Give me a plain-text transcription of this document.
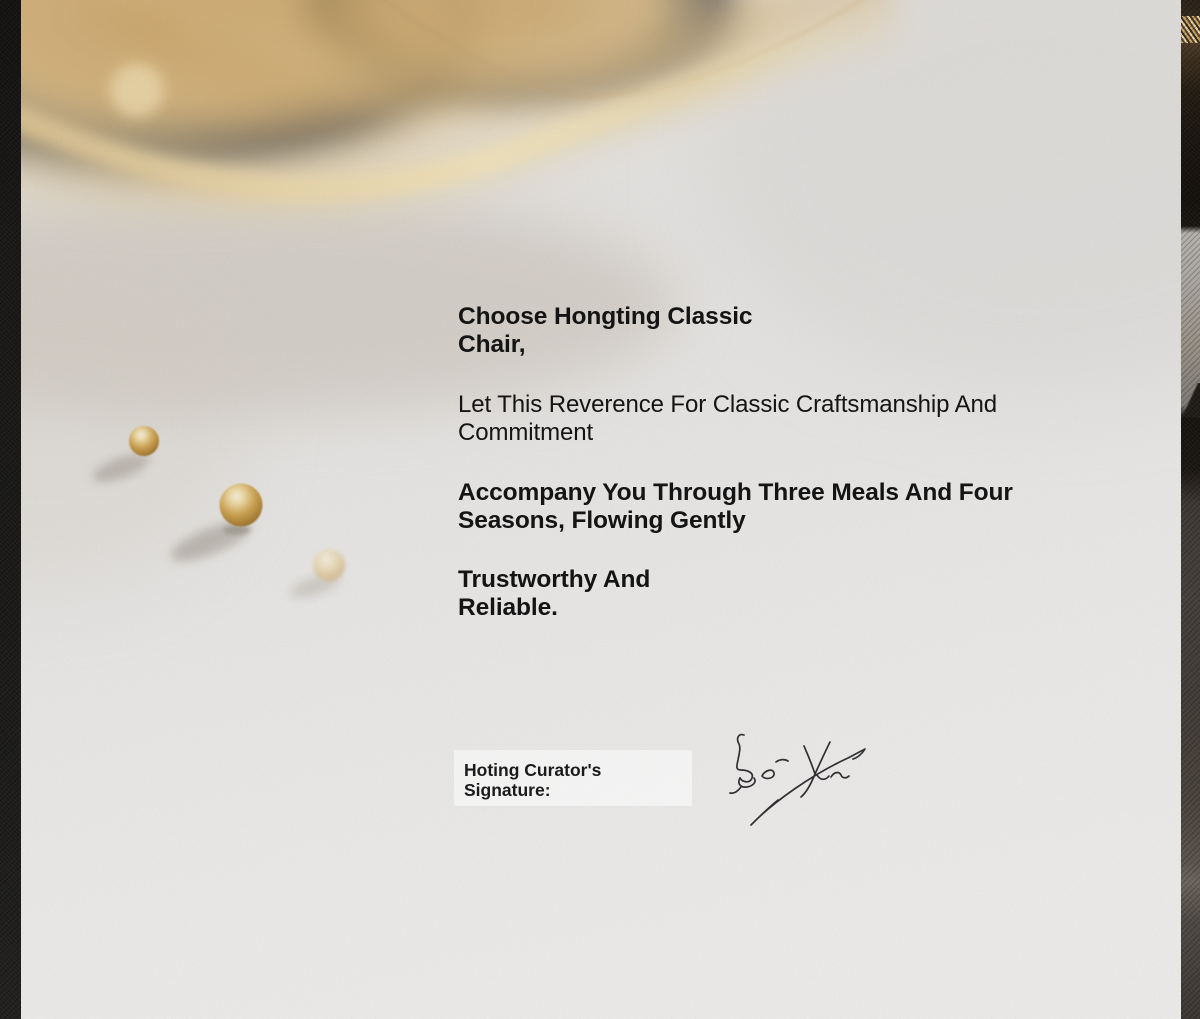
Choose Hongting Classic
Chair,

Let This Reverence For Classic Craftsmanship And
Commitment

Accompany You Through Three Meals And Four
Seasons, Flowing Gently
Trustworthy And
Reliable.
Hoting Curator's
Signature:
